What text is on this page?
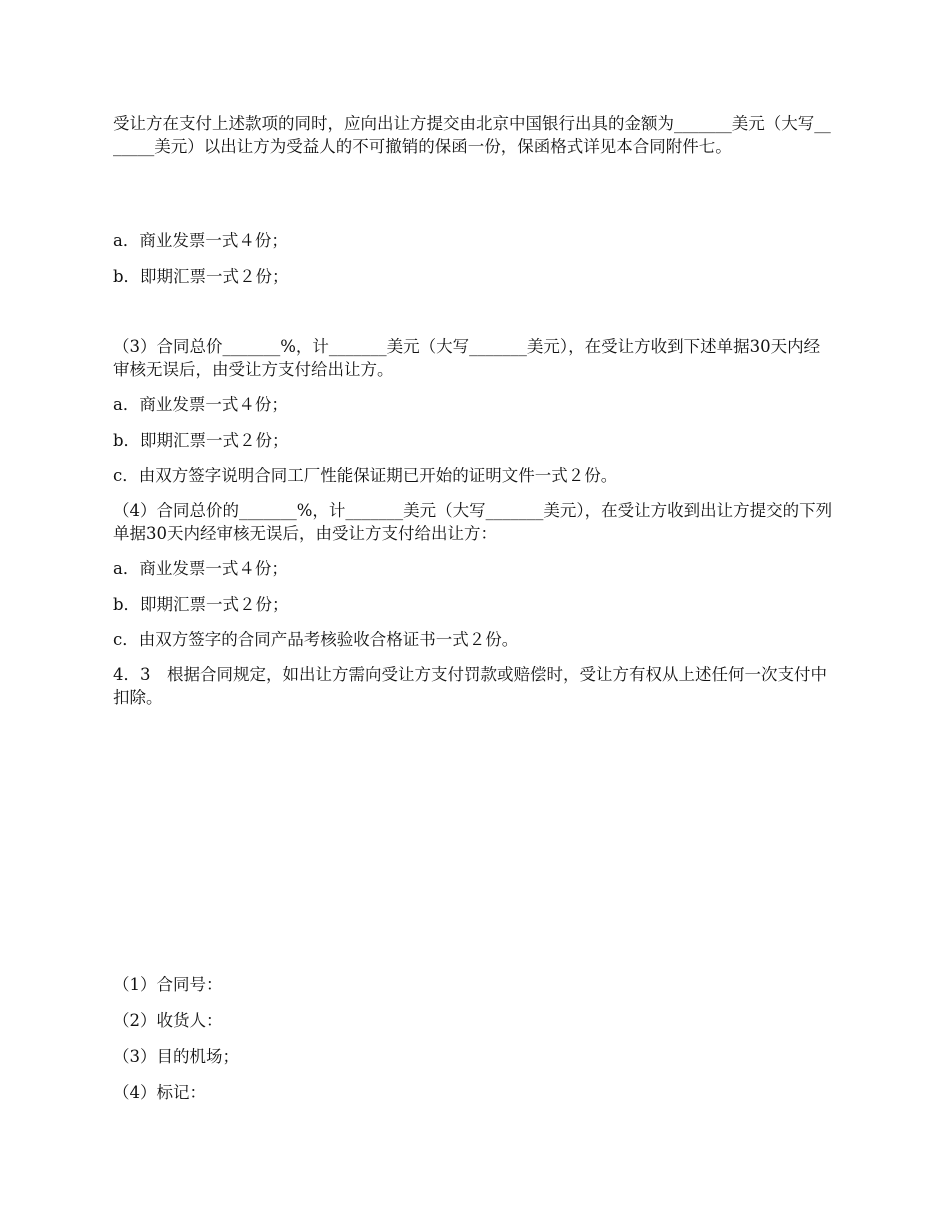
受让方在支付上述款项的同时，应向出让方提交由北京中国银行出具的金额为_______美元（大写_______美元）以出让方为受益人的不可撤销的保函一份，保函格式详见本合同附件七。

a．商业发票一式４份；

b．即期汇票一式２份；

（3）合同总价_______%，计_______美元（大写_______美元），在受让方收到下述单据30天内经审核无误后，由受让方支付给出让方。

a．商业发票一式４份；

b．即期汇票一式２份；

c．由双方签字说明合同工厂性能保证期已开始的证明文件一式２份。

（4）合同总价的_______%，计_______美元（大写_______美元），在受让方收到出让方提交的下列单据30天内经审核无误后，由受让方支付给出让方：

a．商业发票一式４份；

b．即期汇票一式２份；

c．由双方签字的合同产品考核验收合格证书一式２份。

4．3　根据合同规定，如出让方需向受让方支付罚款或赔偿时，受让方有权从上述任何一次支付中扣除。

（1）合同号：

（2）收货人：

（3）目的机场；

（4）标记：
